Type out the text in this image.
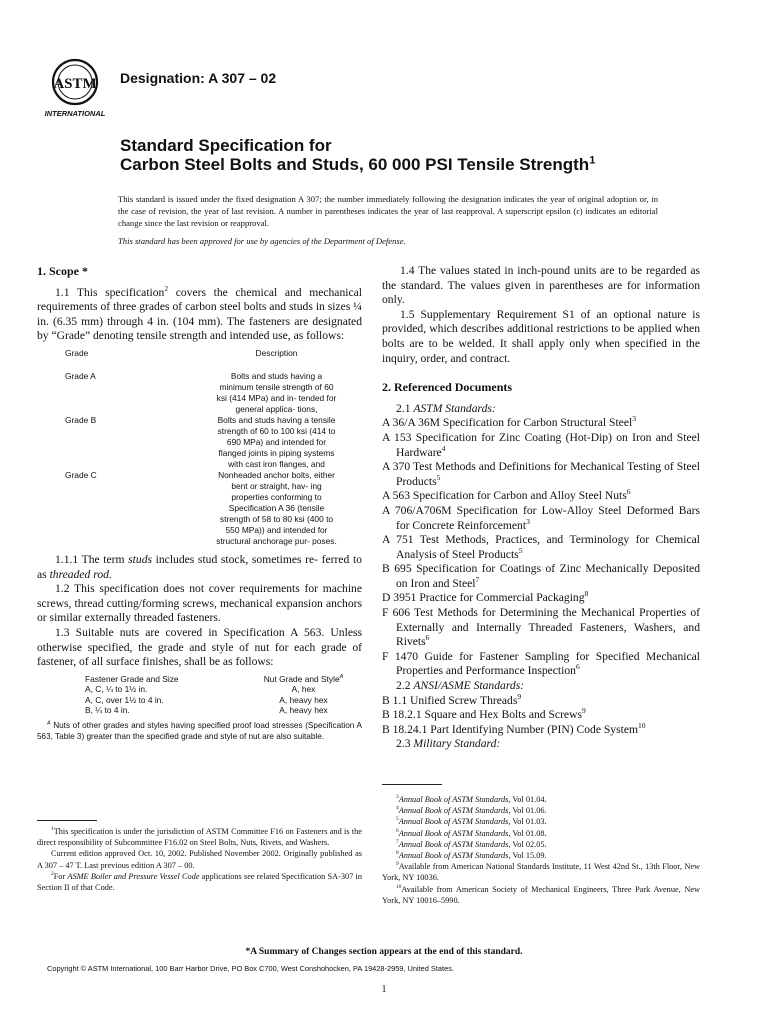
ASTM
INTERNATIONAL
Designation: A 307 – 02
Standard Specification for
Carbon Steel Bolts and Studs, 60 000 PSI Tensile Strength$^1$
This standard is issued under the fixed designation A 307; the number immediately following the designation indicates the year of original adoption or, in the case of revision, the year of last revision. A number in parentheses indicates the year of last reapproval. A superscript epsilon (ε) indicates an editorial change since the last revision or reapproval.
This standard has been approved for use by agencies of the Department of Defense.
1. Scope *

1.1 This specification$^2$ covers the chemical and mechanical requirements of three grades of carbon steel bolts and studs in sizes ¼ in. (6.35 mm) through 4 in. (104 mm). The fasteners are designated by “Grade” denoting tensile strength and intended use, as follows:

Grade	Description
Grade A	Bolts and studs having a minimum tensile strength of 60 ksi (414 MPa) and in- tended for general applica- tions,
Grade B	Bolts and studs having a tensile strength of 60 to 100 ksi (414 to 690 MPa) and intended for flanged joints in piping systems with cast iron flanges, and
Grade C	Nonheaded anchor bolts, either bent or straight, hav- ing properties conforming to Specification A 36 (tensile strength of 58 to 80 ksi (400 to 550 MPa)) and intended for structural anchorage pur- poses.

1.1.1 The term studs includes stud stock, sometimes re- ferred to as threaded rod.

1.2 This specification does not cover requirements for machine screws, thread cutting/forming screws, mechanical expansion anchors or similar externally threaded fasteners.

1.3 Suitable nuts are covered in Specification A 563. Unless otherwise specified, the grade and style of nut for each grade of fastener, of all surface finishes, shall be as follows:

Fastener Grade and Size	Nut Grade and Style$^A$
A, C, ¼ to 1½ in.	A, hex
A, C, over 1½ to 4 in.	A, heavy hex
B, ¼ to 4 in.	A, heavy hex

$^A$ Nuts of other grades and styles having specified proof load stresses (Specification A 563, Table 3) greater than the specified grade and style of nut are also suitable.

1.4 The values stated in inch-pound units are to be regarded as the standard. The values given in parentheses are for information only.

1.5 Supplementary Requirement S1 of an optional nature is provided, which describes additional restrictions to be applied when bolts are to be welded. It shall apply only when specified in the inquiry, order, and contract.

2. Referenced Documents

2.1 ASTM Standards:

A 36/A 36M Specification for Carbon Structural Steel$^3$

A 153 Specification for Zinc Coating (Hot-Dip) on Iron and Steel Hardware$^4$

A 370 Test Methods and Definitions for Mechanical Testing of Steel Products$^5$

A 563 Specification for Carbon and Alloy Steel Nuts$^6$

A 706/A706M Specification for Low-Alloy Steel Deformed Bars for Concrete Reinforcement$^3$

A 751 Test Methods, Practices, and Terminology for Chemical Analysis of Steel Products$^5$

B 695 Specification for Coatings of Zinc Mechanically Deposited on Iron and Steel$^7$

D 3951 Practice for Commercial Packaging$^8$

F 606 Test Methods for Determining the Mechanical Properties of Externally and Internally Threaded Fasteners, Washers, and Rivets$^6$

F 1470 Guide for Fastener Sampling for Specified Mechanical Properties and Performance Inspection$^6$

2.2 ANSI/ASME Standards:

B 1.1 Unified Screw Threads$^9$

B 18.2.1 Square and Hex Bolts and Screws$^9$

B 18.24.1 Part Identifying Number (PIN) Code System$^{10}$

2.3 Military Standard:

$^1$This specification is under the jurisdiction of ASTM Committee F16 on Fasteners and is the direct responsibility of Subcommittee F16.02 on Steel Bolts, Nuts, Rivets, and Washers.

Current edition approved Oct. 10, 2002. Published November 2002. Originally published as A 307 – 47 T. Last previous edition A 307 – 00.

$^2$For ASME Boiler and Pressure Vessel Code applications see related Specification SA-307 in Section II of that Code.

$^3$Annual Book of ASTM Standards, Vol 01.04.

$^4$Annual Book of ASTM Standards, Vol 01.06.

$^5$Annual Book of ASTM Standards, Vol 01.03.

$^6$Annual Book of ASTM Standards, Vol 01.08.

$^7$Annual Book of ASTM Standards, Vol 02.05.

$^8$Annual Book of ASTM Standards, Vol 15.09.

$^9$Available from American National Standards Institute, 11 West 42nd St., 13th Floor, New York, NY 10036.

$^{10}$Available from American Society of Mechanical Engineers, Three Park Avenue, New York, NY 10016–5990.

*A Summary of Changes section appears at the end of this standard.
Copyright © ASTM International, 100 Barr Harbor Drive, PO Box C700, West Conshohocken, PA 19428-2959, United States.
1
